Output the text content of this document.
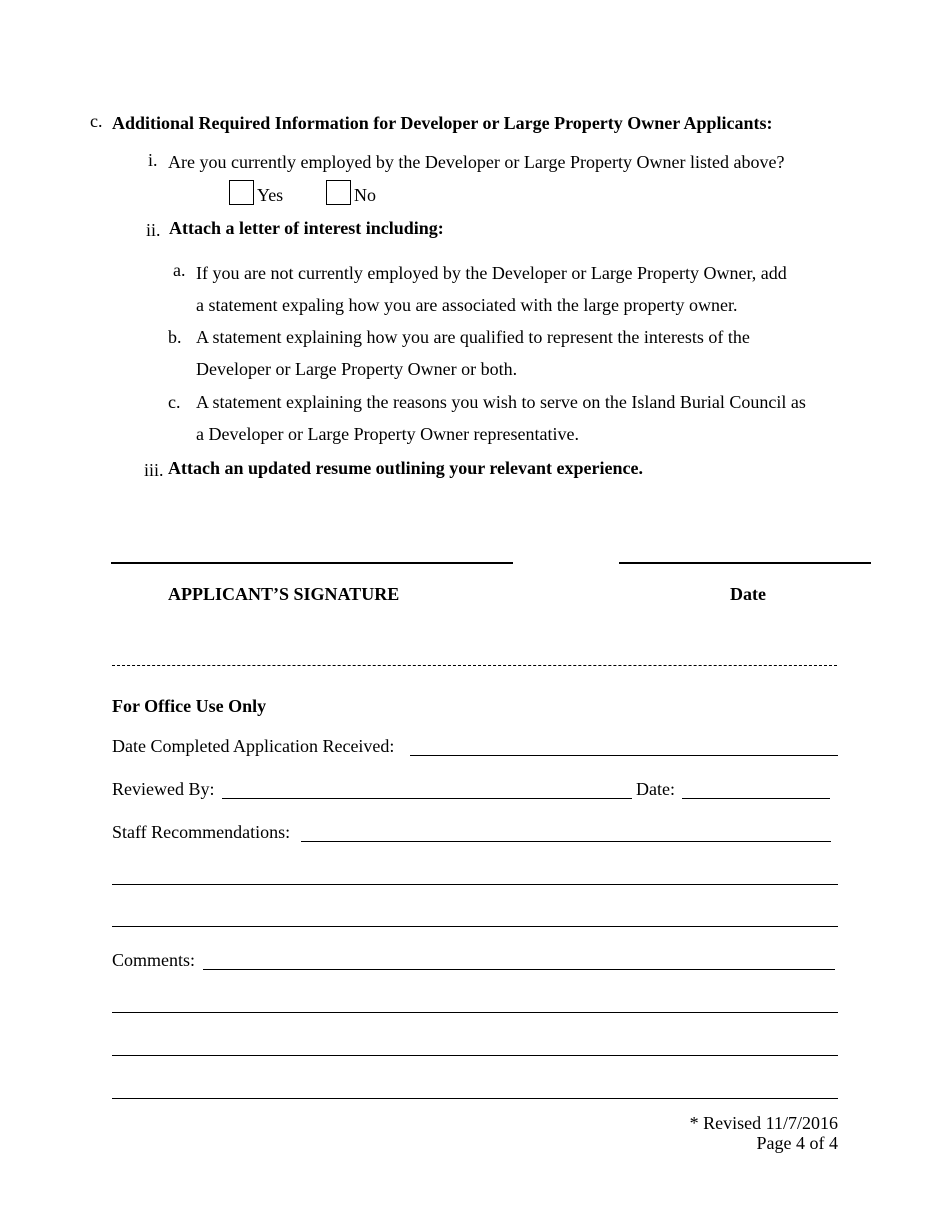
c. Additional Required Information for Developer or Large Property Owner Applicants:
i. Are you currently employed by the Developer or Large Property Owner listed above?
Yes	No
ii. Attach a letter of interest including:
a. If you are not currently employed by the Developer or Large Property Owner, add
a statement expaling how you are associated with the large property owner.
b. A statement explaining how you are qualified to represent the interests of the
Developer or Large Property Owner or both.
c. A statement explaining the reasons you wish to serve on the Island Burial Council as
a Developer or Large Property Owner representative.
iii. Attach an updated resume outlining your relevant experience.
APPLICANT’S SIGNATURE	Date
For Office Use Only
Date Completed Application Received:
Reviewed By:	Date:
Staff Recommendations:
Comments:
* Revised 11/7/2016
Page 4 of 4
